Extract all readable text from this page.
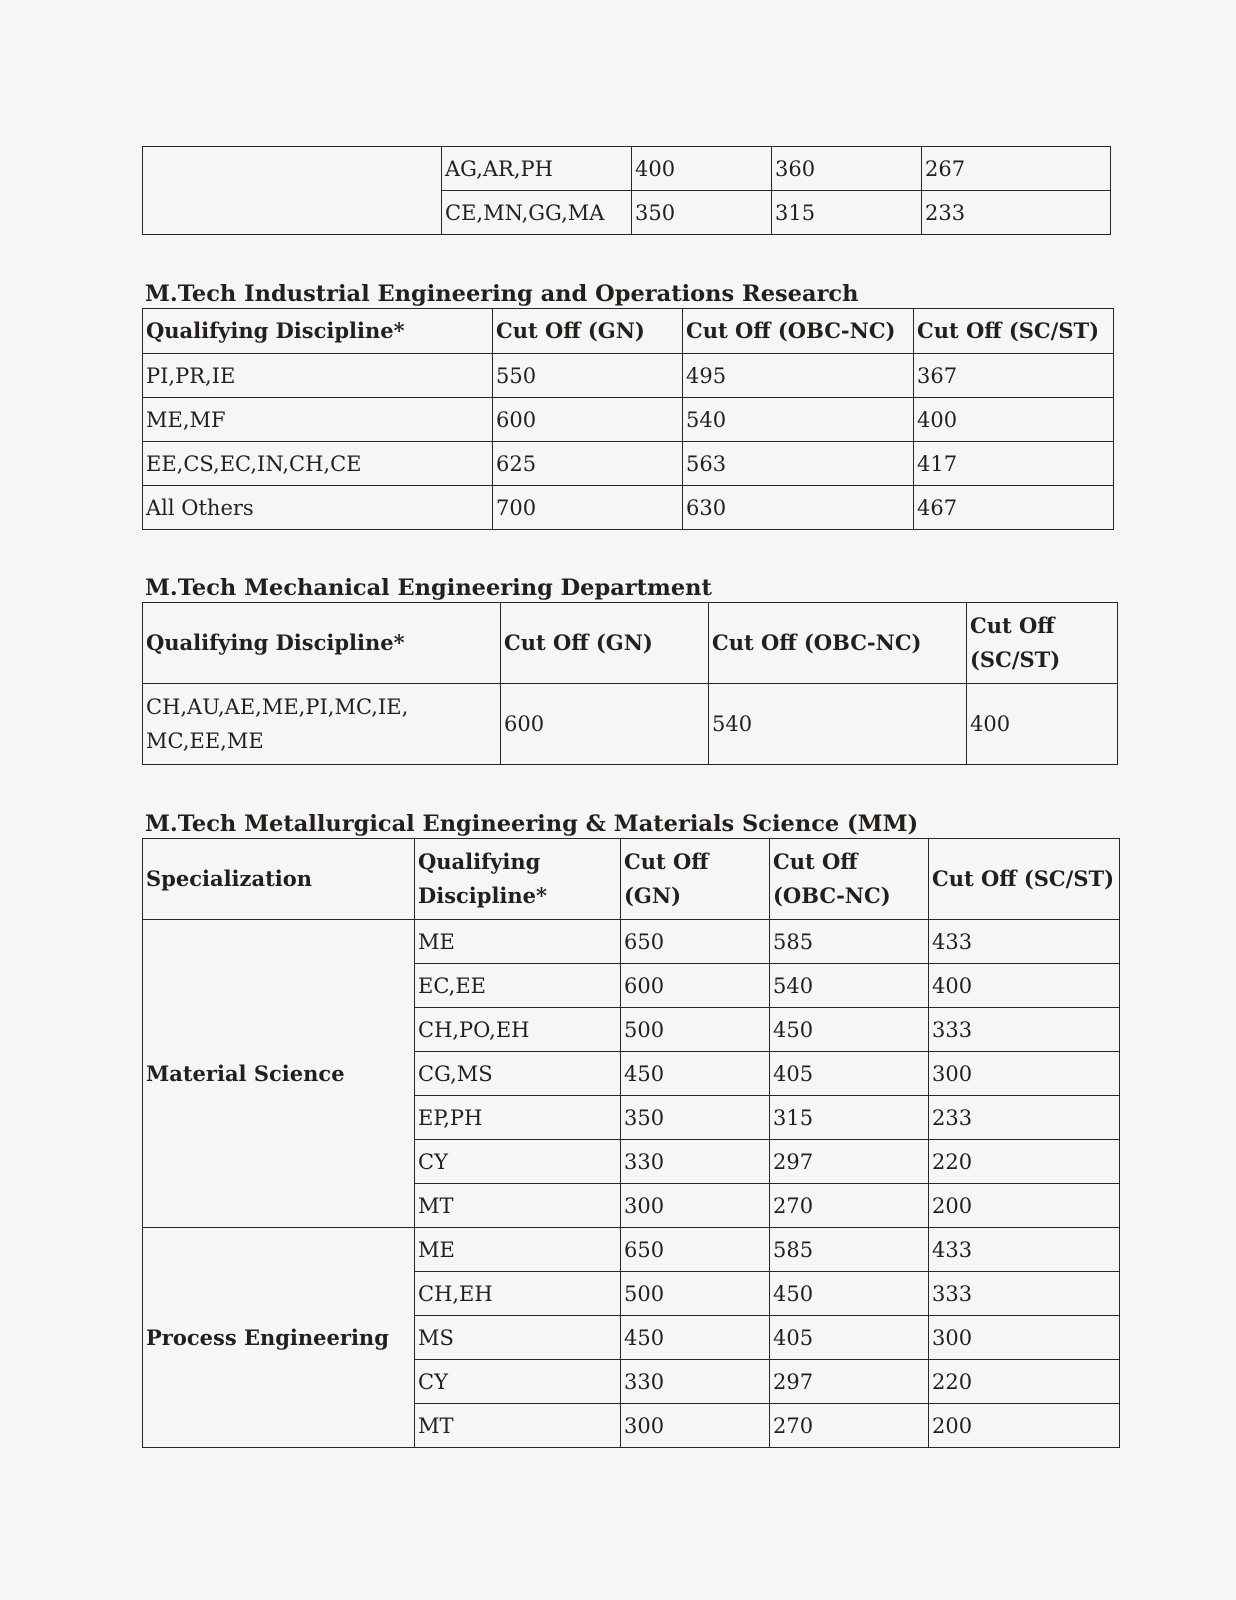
	AG,AR,PH	400	360	267
	CE,MN,GG,MA	350	315	233
M.Tech Industrial Engineering and Operations Research
Qualifying Discipline*	Cut Off (GN)	Cut Off (OBC-NC)	Cut Off (SC/ST)
PI,PR,IE	550	495	367
ME,MF	600	540	400
EE,CS,EC,IN,CH,CE	625	563	417
All Others	700	630	467
M.Tech Mechanical Engineering Department
Qualifying Discipline*	Cut Off (GN)	Cut Off (OBC-NC)	Cut Off (SC/ST)
CH,AU,AE,ME,PI,MC,IE, MC,EE,ME	600	540	400
M.Tech Metallurgical Engineering & Materials Science (MM)
Specialization	Qualifying Discipline*	Cut Off (GN)	Cut Off (OBC-NC)	Cut Off (SC/ST)
Material Science	ME	650	585	433
	EC,EE	600	540	400
	CH,PO,EH	500	450	333
	CG,MS	450	405	300
	EP,PH	350	315	233
	CY	330	297	220
	MT	300	270	200
Process Engineering	ME	650	585	433
	CH,EH	500	450	333
	MS	450	405	300
	CY	330	297	220
	MT	300	270	200
